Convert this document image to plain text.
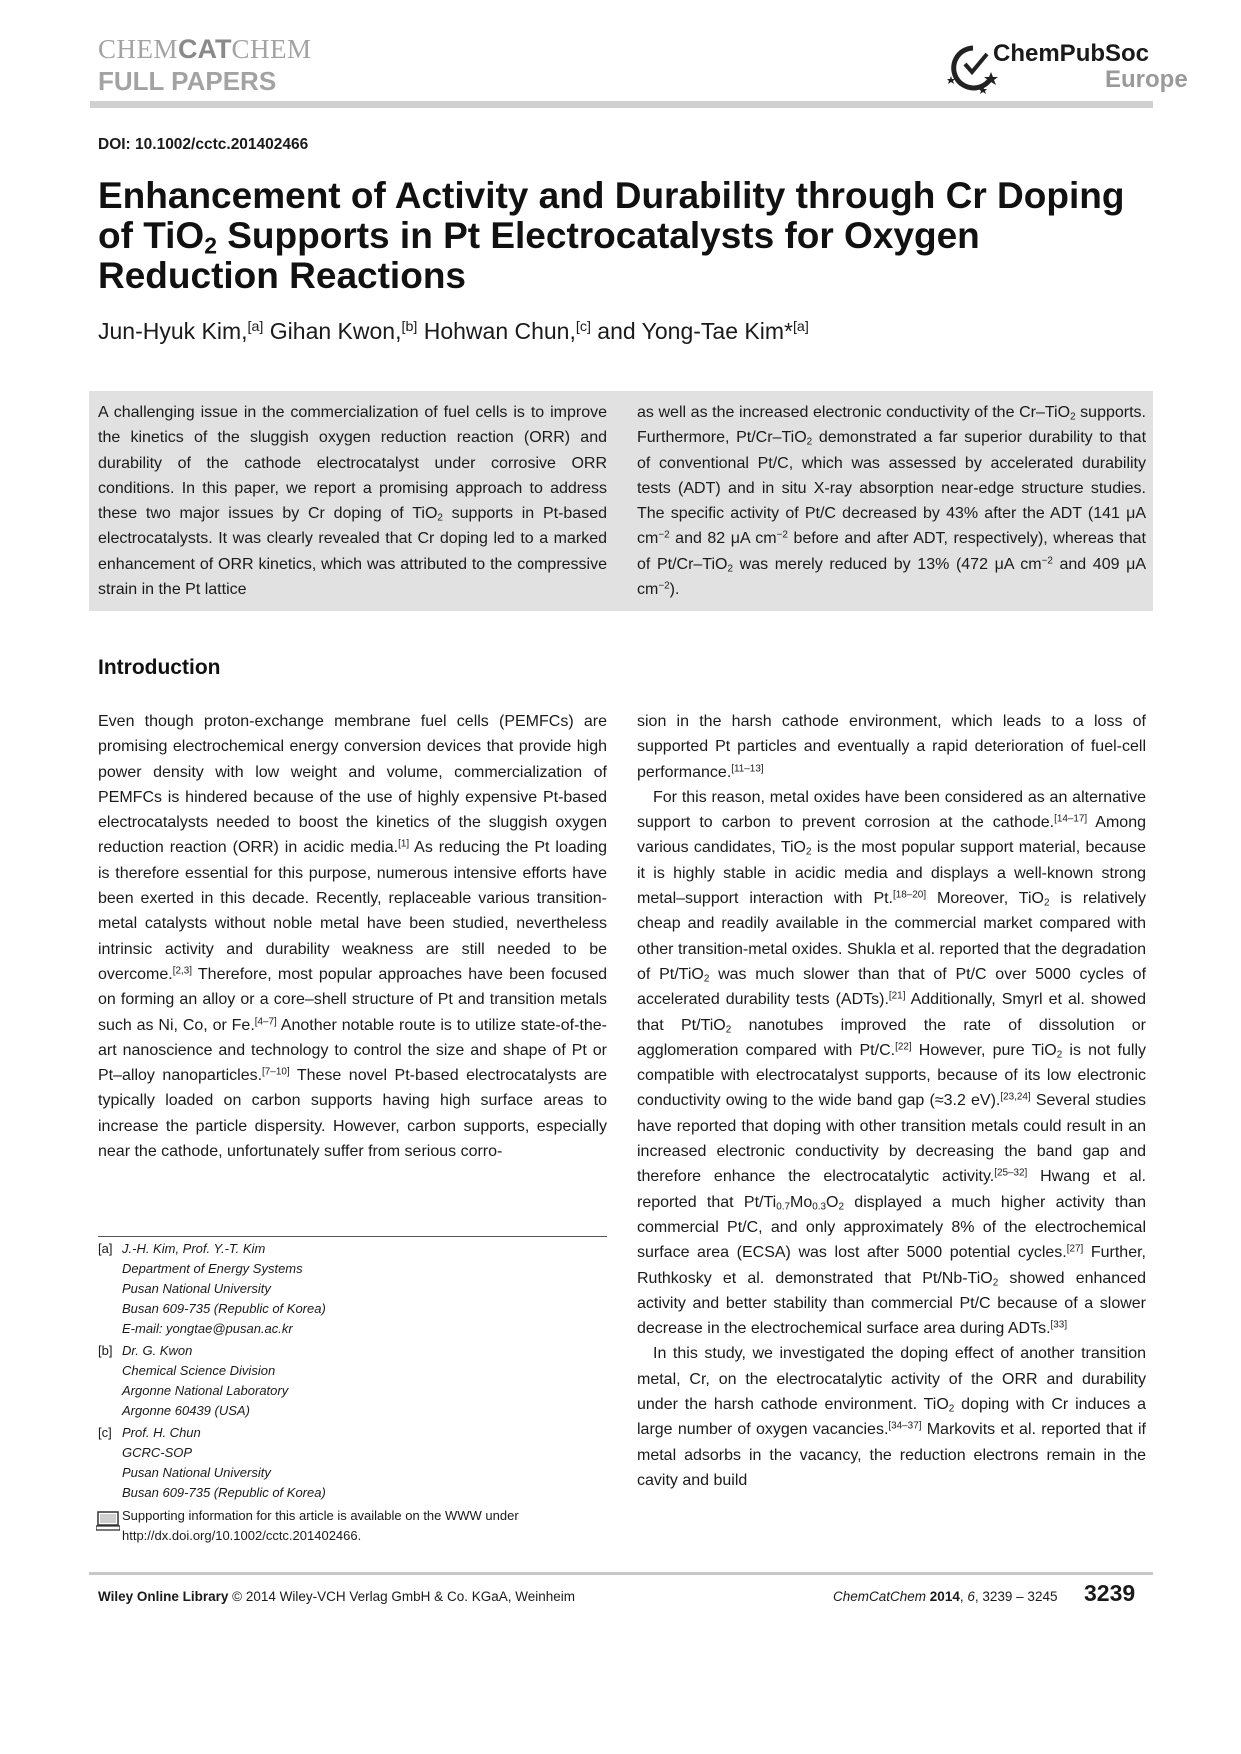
CHEMCATCHEM
FULL PAPERS
ChemPubSoc
Europe
DOI: 10.1002/cctc.201402466
Enhancement of Activity and Durability through Cr Doping of TiO$_2$ Supports in Pt Electrocatalysts for Oxygen Reduction Reactions
Jun-Hyuk Kim,[a] Gihan Kwon,[b] Hohwan Chun,[c] and Yong-Tae Kim*[a]
A challenging issue in the commercialization of fuel cells is to improve the kinetics of the sluggish oxygen reduction reaction (ORR) and durability of the cathode electrocatalyst under corrosive ORR conditions. In this paper, we report a promising approach to address these two major issues by Cr doping of TiO$_2$ supports in Pt-based electrocatalysts. It was clearly revealed that Cr doping led to a marked enhancement of ORR kinetics, which was attributed to the compressive strain in the Pt lattice
as well as the increased electronic conductivity of the Cr–TiO$_2$ supports. Furthermore, Pt/Cr–TiO$_2$ demonstrated a far superior durability to that of conventional Pt/C, which was assessed by accelerated durability tests (ADT) and in situ X-ray absorption near-edge structure studies. The specific activity of Pt/C decreased by 43% after the ADT (141 μA $cm^{-2}$ and 82 μA $cm^{-2}$ before and after ADT, respectively), whereas that of Pt/Cr–TiO$_2$ was merely reduced by 13% (472 μA $cm^{-2}$ and 409 μA $cm^{-2}$).
Introduction
Even though proton-exchange membrane fuel cells (PEMFCs) are promising electrochemical energy conversion devices that provide high power density with low weight and volume, commercialization of PEMFCs is hindered because of the use of highly expensive Pt-based electrocatalysts needed to boost the kinetics of the sluggish oxygen reduction reaction (ORR) in acidic media.[1] As reducing the Pt loading is therefore essential for this purpose, numerous intensive efforts have been exerted in this decade. Recently, replaceable various transition-metal catalysts without noble metal have been studied, nevertheless intrinsic activity and durability weakness are still needed to be overcome.[2,3] Therefore, most popular approaches have been focused on forming an alloy or a core–shell structure of Pt and transition metals such as Ni, Co, or Fe.[4–7] Another notable route is to utilize state-of-the-art nanoscience and technology to control the size and shape of Pt or Pt–alloy nanoparticles.[7–10] These novel Pt-based electrocatalysts are typically loaded on carbon supports having high surface areas to increase the particle dispersity. However, carbon supports, especially near the cathode, unfortunately suffer from serious corro-
sion in the harsh cathode environment, which leads to a loss of supported Pt particles and eventually a rapid deterioration of fuel-cell performance.[11–13]
For this reason, metal oxides have been considered as an alternative support to carbon to prevent corrosion at the cathode.[14–17] Among various candidates, TiO$_2$ is the most popular support material, because it is highly stable in acidic media and displays a well-known strong metal–support interaction with Pt.[18–20] Moreover, TiO$_2$ is relatively cheap and readily available in the commercial market compared with other transition-metal oxides. Shukla et al. reported that the degradation of Pt/TiO$_2$ was much slower than that of Pt/C over 5000 cycles of accelerated durability tests (ADTs).[21] Additionally, Smyrl et al. showed that Pt/TiO$_2$ nanotubes improved the rate of dissolution or agglomeration compared with Pt/C.[22] However, pure TiO$_2$ is not fully compatible with electrocatalyst supports, because of its low electronic conductivity owing to the wide band gap (≈3.2 eV).[23,24] Several studies have reported that doping with other transition metals could result in an increased electronic conductivity by decreasing the band gap and therefore enhance the electrocatalytic activity.[25–32] Hwang et al. reported that $Pt/Ti_{0.7}Mo_{0.3}O_2$ displayed a much higher activity than commercial Pt/C, and only approximately 8% of the electrochemical surface area (ECSA) was lost after 5000 potential cycles.[27] Further, Ruthkosky et al. demonstrated that Pt/Nb-TiO$_2$ showed enhanced activity and better stability than commercial Pt/C because of a slower decrease in the electrochemical surface area during ADTs.[33]
In this study, we investigated the doping effect of another transition metal, Cr, on the electrocatalytic activity of the ORR and durability under the harsh cathode environment. TiO$_2$ doping with Cr induces a large number of oxygen vacancies.[34–37] Markovits et al. reported that if metal adsorbs in the vacancy, the reduction electrons remain in the cavity and build
[a] J.-H. Kim, Prof. Y.-T. Kim
Department of Energy Systems
Pusan National University
Busan 609-735 (Republic of Korea)
E-mail: yongtae@pusan.ac.kr
[b] Dr. G. Kwon
Chemical Science Division
Argonne National Laboratory
Argonne 60439 (USA)
[c] Prof. H. Chun
GCRC-SOP
Pusan National University
Busan 609-735 (Republic of Korea)
Supporting information for this article is available on the WWW under http://dx.doi.org/10.1002/cctc.201402466.
Wiley Online Library © 2014 Wiley-VCH Verlag GmbH & Co. KGaA, Weinheim	ChemCatChem 2014, 6, 3239 – 3245 3239
